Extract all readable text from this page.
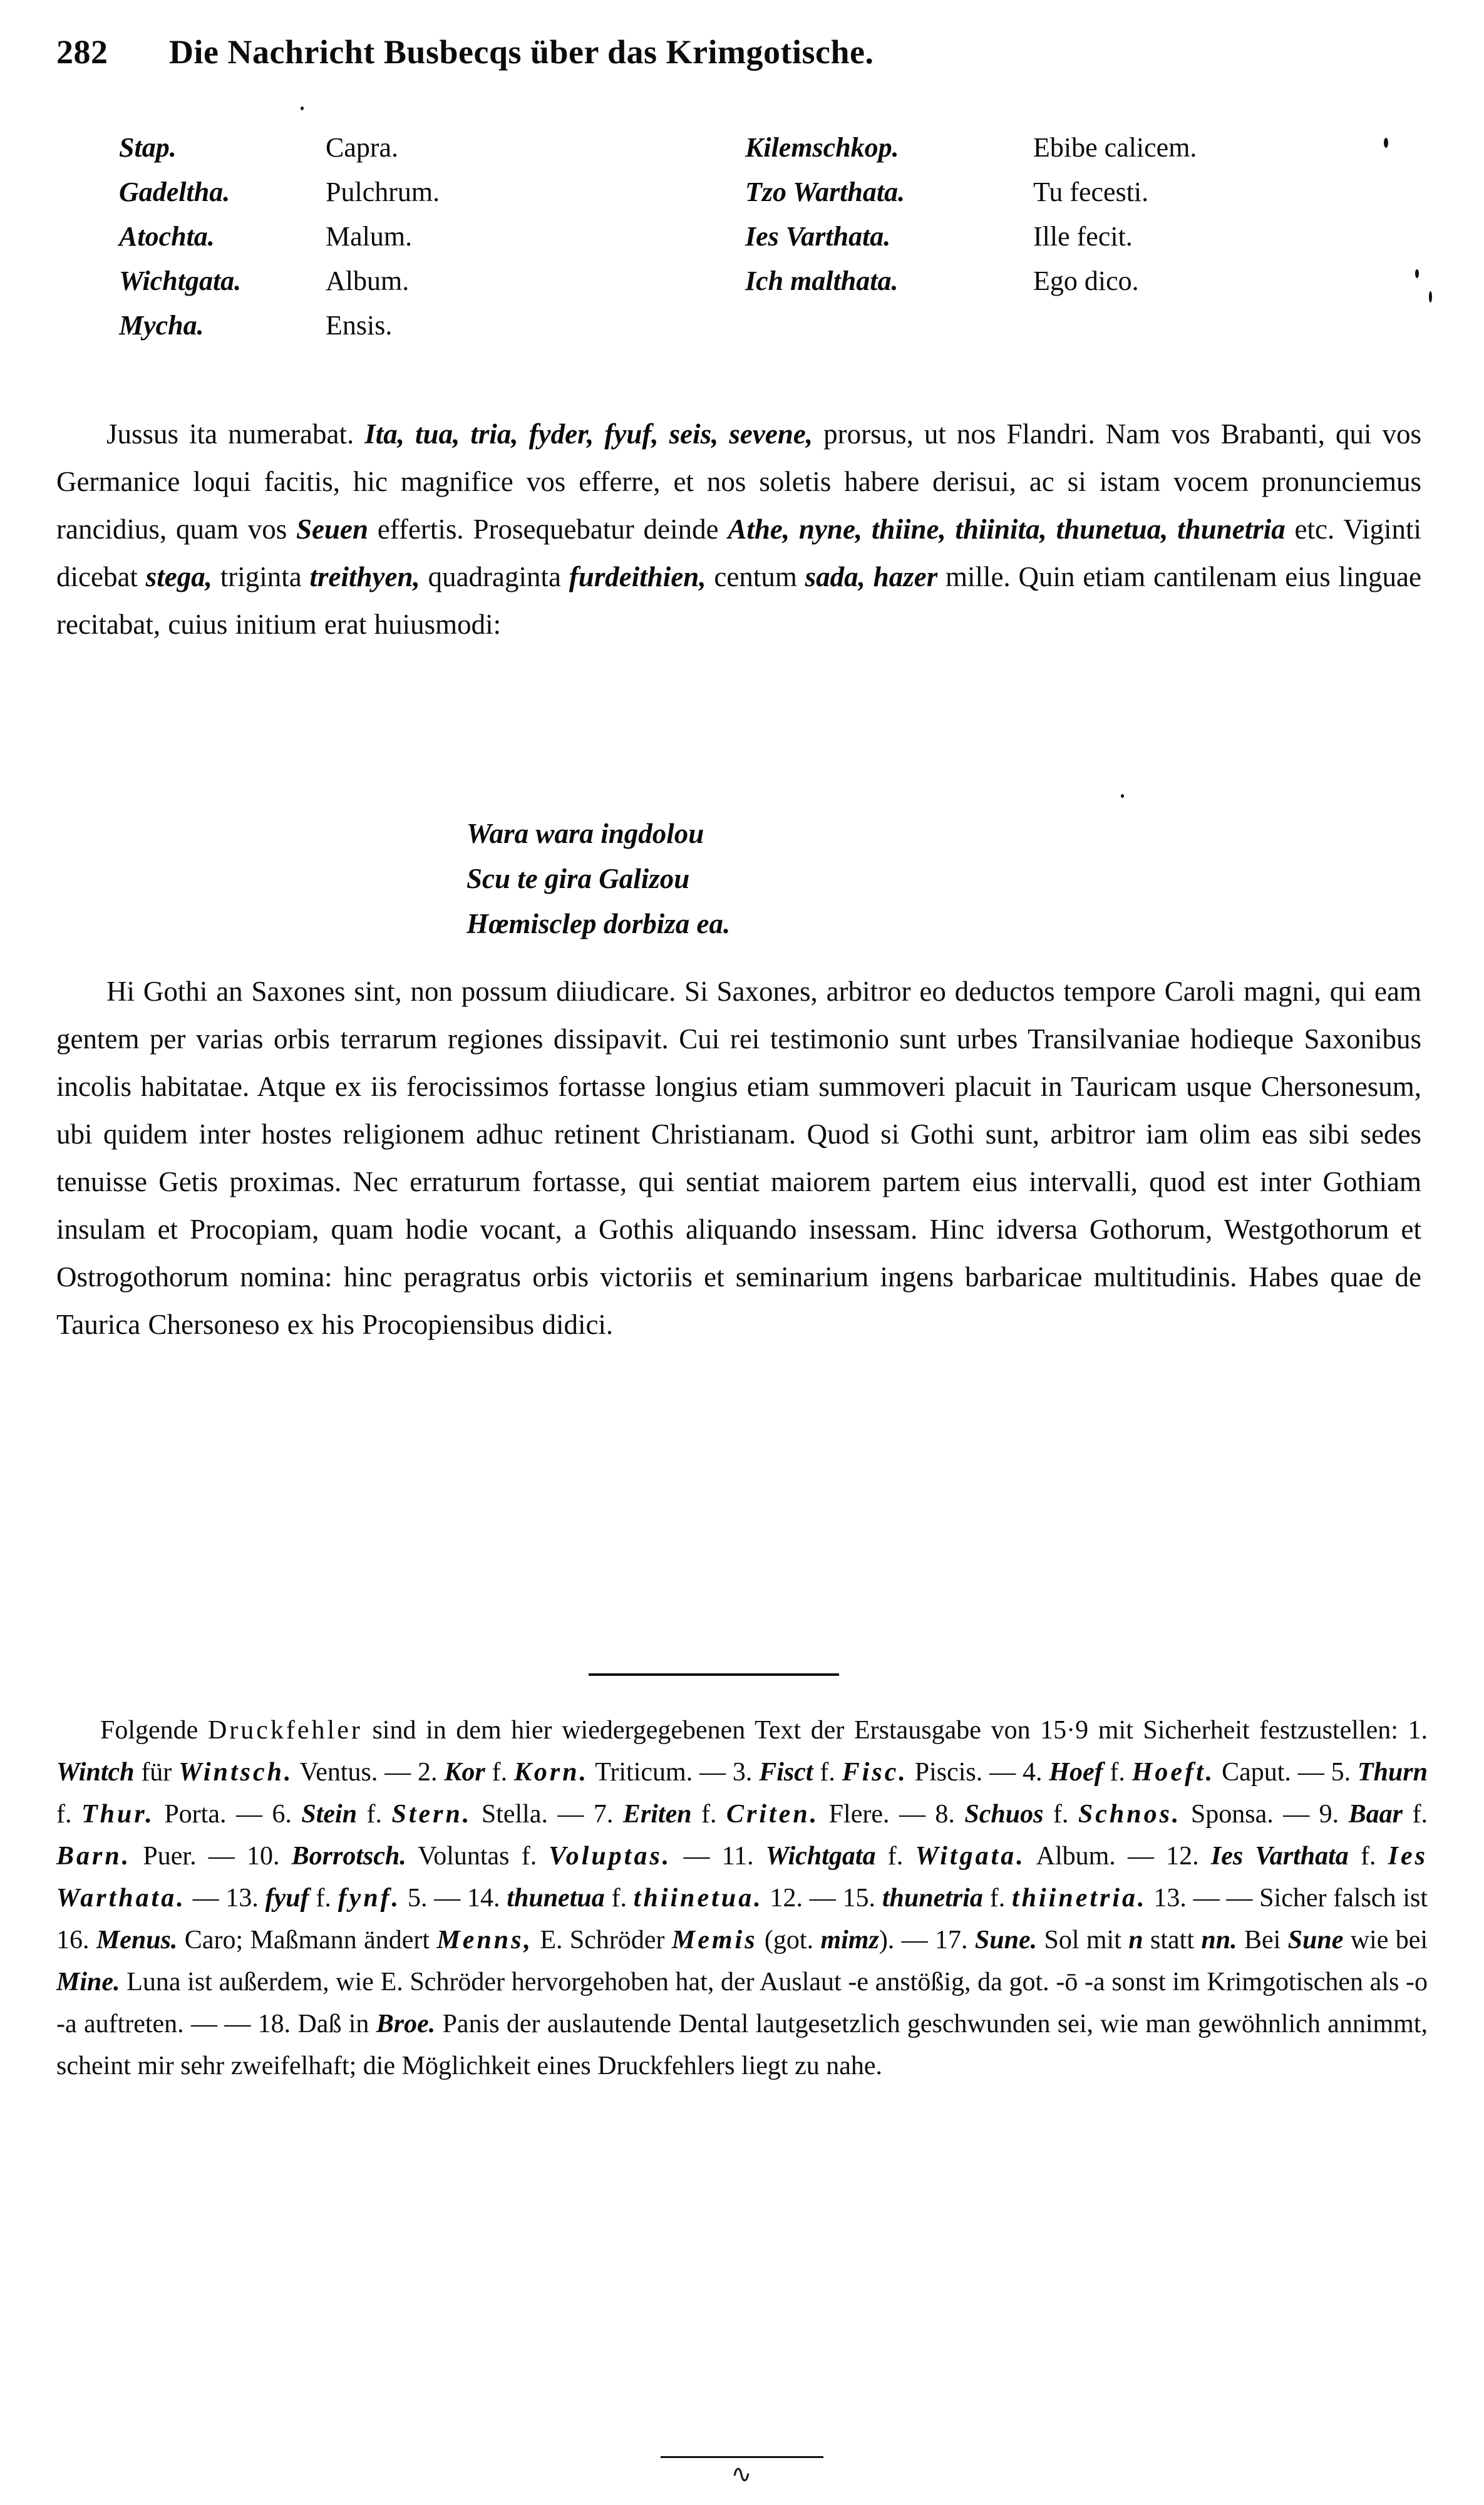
282	Die Nachricht Busbecqs über das Krimgotische.
Stap.	Capra.
Gadeltha.	Pulchrum.
Atochta.	Malum.
Wichtgata.	Album.
Mycha.	Ensis.
Kilemschkop.	Ebibe calicem.
Tzo Warthata.	Tu fecesti.
Ies Varthata.	Ille fecit.
Ich malthata.	Ego dico.
Jussus ita numerabat. Ita, tua, tria, fyder, fyuf, seis, sevene, prorsus, ut nos Flandri. Nam vos Brabanti, qui vos Germanice loqui facitis, hic magnifice vos efferre, et nos soletis habere derisui, ac si istam vocem pronunciemus rancidius, quam vos Seuen effertis. Prosequebatur deinde Athe, nyne, thiine, thiinita, thunetua, thunetria etc. Viginti dicebat stega, triginta treithyen, quadraginta furdeithien, centum sada, hazer mille. Quin etiam cantilenam eius linguae recitabat, cuius initium erat huiusmodi:
Wara wara ingdolou
Scu te gira Galizou
Hœmisclep dorbiza ea.
Hi Gothi an Saxones sint, non possum diiudicare. Si Saxones, arbitror eo deductos tempore Caroli magni, qui eam gentem per varias orbis terrarum regiones dissipavit. Cui rei testimonio sunt urbes Transilvaniae hodieque Saxonibus incolis habitatae. Atque ex iis ferocissimos fortasse longius etiam summoveri placuit in Tauricam usque Chersonesum, ubi quidem inter hostes religionem adhuc retinent Christianam. Quod si Gothi sunt, arbitror iam olim eas sibi sedes tenuisse Getis proximas. Nec erraturum fortasse, qui sentiat maiorem partem eius intervalli, quod est inter Gothiam insulam et Procopiam, quam hodie vocant, a Gothis aliquando insessam. Hinc idversa Gothorum, Westgothorum et Ostrogothorum nomina: hinc peragratus orbis victoriis et seminarium ingens barbaricae multitudinis. Habes quae de Taurica Chersoneso ex his Procopiensibus didici.
Folgende Druckfehler sind in dem hier wiedergegebenen Text der Erstausgabe von 15·9 mit Sicherheit festzustellen: 1. Wintch für Wintsch. Ventus. — 2. Kor f. Korn. Triticum. — 3. Fisct f. Fisc. Piscis. — 4. Hoef f. Hoeft. Caput. — 5. Thurn f. Thur. Porta. — 6. Stein f. Stern. Stella. — 7. Eriten f. Criten. Flere. — 8. Schuos f. Schnos. Sponsa. — 9. Baar f. Barn. Puer. — 10. Borrotsch. Voluntas f. Voluptas. — 11. Wichtgata f. Witgata. Album. — 12. Ies Varthata f. Ies Warthata. — 13. fyuf f. fynf. 5. — 14. thunetua f. thiinetua. 12. — 15. thunetria f. thiinetria. 13. — — Sicher falsch ist 16. Menus. Caro; Maßmann ändert Menns, E. Schröder Memis (got. mimz). — 17. Sune. Sol mit n statt nn. Bei Sune wie bei Mine. Luna ist außerdem, wie E. Schröder hervorgehoben hat, der Auslaut -e anstößig, da got. -ō -a sonst im Krimgotischen als -o -a auftreten. — — 18. Daß in Broe. Panis der auslautende Dental lautgesetzlich geschwunden sei, wie man gewöhnlich annimmt, scheint mir sehr zweifelhaft; die Möglichkeit eines Druckfehlers liegt zu nahe.
∿
